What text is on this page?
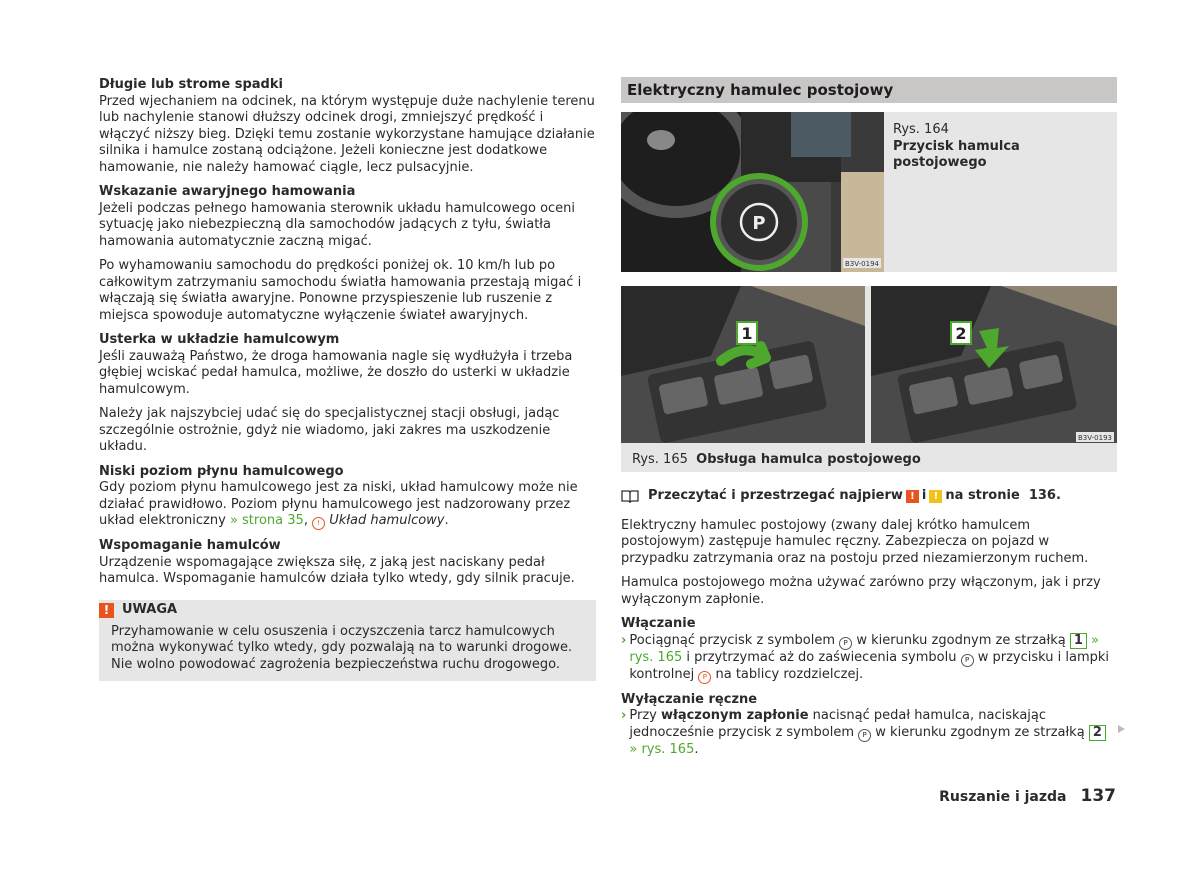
Długie lub strome spadki

Przed wjechaniem na odcinek, na którym występuje duże nachylenie terenu lub nachylenie stanowi dłuższy odcinek drogi, zmniejszyć prędkość i włączyć niższy bieg. Dzięki temu zostanie wykorzystane hamujące działanie silnika i hamulce zostaną odciążone. Jeżeli konieczne jest dodatkowe hamowanie, nie należy hamować ciągle, lecz pulsacyjnie.

Wskazanie awaryjnego hamowania

Jeżeli podczas pełnego hamowania sterownik układu hamulcowego oceni sytuację jako niebezpieczną dla samochodów jadących z tyłu, światła hamowania automatycznie zaczną migać.

Po wyhamowaniu samochodu do prędkości poniżej ok. 10 km/h lub po całkowitym zatrzymaniu samochodu światła hamowania przestają migać i włączają się światła awaryjne. Ponowne przyspieszenie lub ruszenie z miejsca spowoduje automatyczne wyłączenie świateł awaryjnych.

Usterka w układzie hamulcowym

Jeśli zauważą Państwo, że droga hamowania nagle się wydłużyła i trzeba głębiej wciskać pedał hamulca, możliwe, że doszło do usterki w układzie hamulcowym.

Należy jak najszybciej udać się do specjalistycznej stacji obsługi, jadąc szczególnie ostrożnie, gdyż nie wiadomo, jaki zakres ma uszkodzenie układu.

Niski poziom płynu hamulcowego

Gdy poziom płynu hamulcowego jest za niski, układ hamulcowy może nie działać prawidłowo. Poziom płynu hamulcowego jest nadzorowany przez układ elektroniczny » strona 35, ! Układ hamulcowy.

Wspomaganie hamulców

Urządzenie wspomagające zwiększa siłę, z jaką jest naciskany pedał hamulca. Wspomaganie hamulców działa tylko wtedy, gdy silnik pracuje.

! UWAGA
Przyhamowanie w celu osuszenia i oczyszczenia tarcz hamulcowych można wykonywać tylko wtedy, gdy pozwalają na to warunki drogowe. Nie wolno powodować zagrożenia bezpieczeństwa ruchu drogowego.
Elektryczny hamulec postojowy
P
B3V-0194
Rys. 164
Przycisk hamulca postojowego
1	2
B3V-0193
Rys. 165 Obsługa hamulca postojowego
Przeczytać i przestrzegać najpierw ! i ! na stronie
136.

Elektryczny hamulec postojowy (zwany dalej krótko hamulcem postojowym) zastępuje hamulec ręczny. Zabezpiecza on pojazd w przypadku zatrzymania oraz na postoju przed niezamierzonym ruchem.

Hamulca postojowego można używać zarówno przy włączonym, jak i przy wyłączonym zapłonie.

Włączanie
› Pociągnąć przycisk z symbolem P w kierunku zgodnym ze strzałką 1 » rys. 165 i przytrzymać aż do zaświecenia symbolu P w przycisku i lampki kontrolnej P na tablicy rozdzielczej.
Wyłączanie ręczne
› Przy włączonym zapłonie nacisnąć pedał hamulca, naciskając jednocześnie przycisk z symbolem P w kierunku zgodnym ze strzałką 2 » rys. 165.
Ruszanie i jazda 137
